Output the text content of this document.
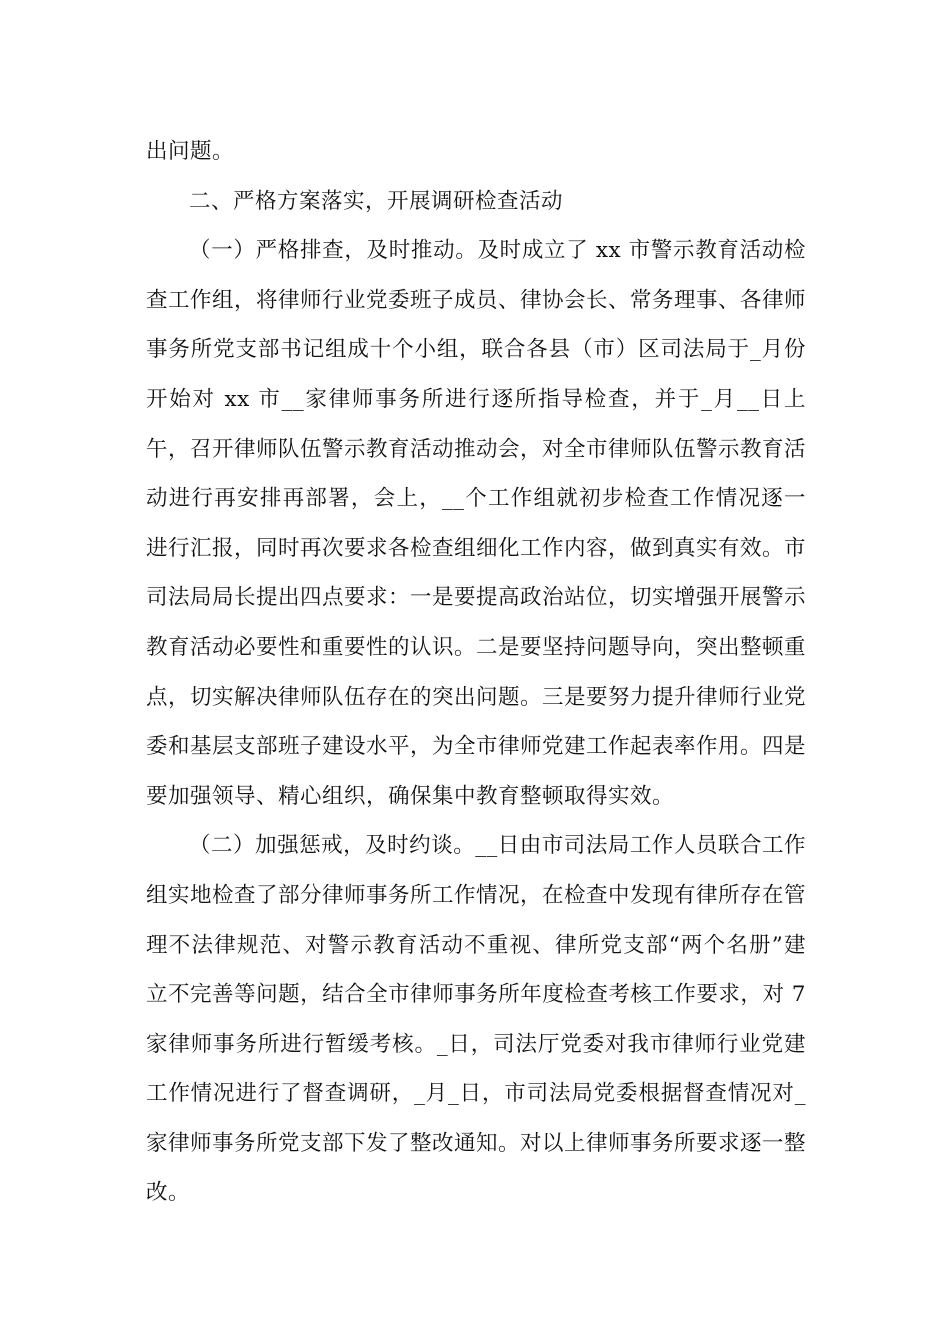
出问题。

二、严格方案落实，开展调研检查活动

（一）严格排查，及时推动。及时成立了 xx 市警示教育活动检查工作组，将律师行业党委班子成员、律协会长、常务理事、各律师事务所党支部书记组成十个小组，联合各县（市）区司法局于_月份开始对 xx 市__家律师事务所进行逐所指导检查，并于_月__日上午，召开律师队伍警示教育活动推动会，对全市律师队伍警示教育活动进行再安排再部署，会上，__个工作组就初步检查工作情况逐一进行汇报，同时再次要求各检查组细化工作内容，做到真实有效。市司法局局长提出四点要求：一是要提高政治站位，切实增强开展警示教育活动必要性和重要性的认识。二是要坚持问题导向，突出整顿重点，切实解决律师队伍存在的突出问题。三是要努力提升律师行业党委和基层支部班子建设水平，为全市律师党建工作起表率作用。四是要加强领导、精心组织，确保集中教育整顿取得实效。

（二）加强惩戒，及时约谈。__日由市司法局工作人员联合工作组实地检查了部分律师事务所工作情况，在检查中发现有律所存在管理不法律规范、对警示教育活动不重视、律所党支部“两个名册”建立不完善等问题，结合全市律师事务所年度检查考核工作要求，对 7 家律师事务所进行暂缓考核。_日，司法厅党委对我市律师行业党建工作情况进行了督查调研，_月_日，市司法局党委根据督查情况对_家律师事务所党支部下发了整改通知。对以上律师事务所要求逐一整改。
